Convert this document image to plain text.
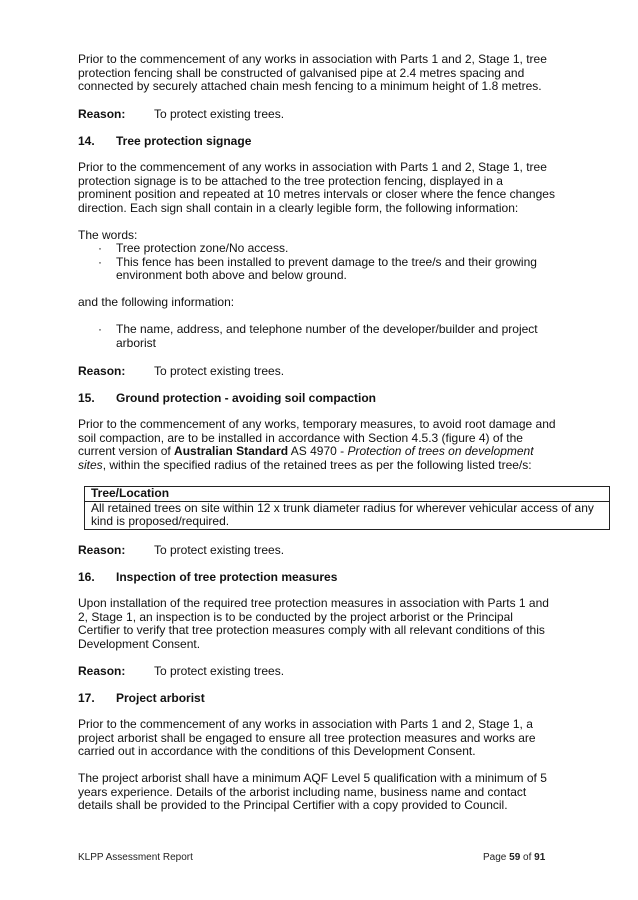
Prior to the commencement of any works in association with Parts 1 and 2, Stage 1, tree protection fencing shall be constructed of galvanised pipe at 2.4 metres spacing and connected by securely attached chain mesh fencing to a minimum height of 1.8 metres.

Reason: To protect existing trees.
14. Tree protection signage

Prior to the commencement of any works in association with Parts 1 and 2, Stage 1, tree protection signage is to be attached to the tree protection fencing, displayed in a prominent position and repeated at 10 metres intervals or closer where the fence changes direction. Each sign shall contain in a clearly legible form, the following information:

The words:

· Tree protection zone/No access.
· This fence has been installed to prevent damage to the tree/s and their growing environment both above and below ground.

and the following information:

· The name, address, and telephone number of the developer/builder and project arborist
Reason: To protect existing trees.
15. Ground protection - avoiding soil compaction

Prior to the commencement of any works, temporary measures, to avoid root damage and soil compaction, are to be installed in accordance with Section 4.5.3 (figure 4) of the current version of Australian Standard AS 4970 - Protection of trees on development sites, within the specified radius of the retained trees as per the following listed tree/s:

Tree/Location
All retained trees on site within 12 x trunk diameter radius for wherever vehicular access of any kind is proposed/required.
Reason: To protect existing trees.
16. Inspection of tree protection measures

Upon installation of the required tree protection measures in association with Parts 1 and 2, Stage 1, an inspection is to be conducted by the project arborist or the Principal Certifier to verify that tree protection measures comply with all relevant conditions of this Development Consent.

Reason: To protect existing trees.
17. Project arborist

Prior to the commencement of any works in association with Parts 1 and 2, Stage 1, a project arborist shall be engaged to ensure all tree protection measures and works are carried out in accordance with the conditions of this Development Consent.

The project arborist shall have a minimum AQF Level 5 qualification with a minimum of 5 years experience. Details of the arborist including name, business name and contact details shall be provided to the Principal Certifier with a copy provided to Council.

KLPP Assessment Report	Page 59 of 91
